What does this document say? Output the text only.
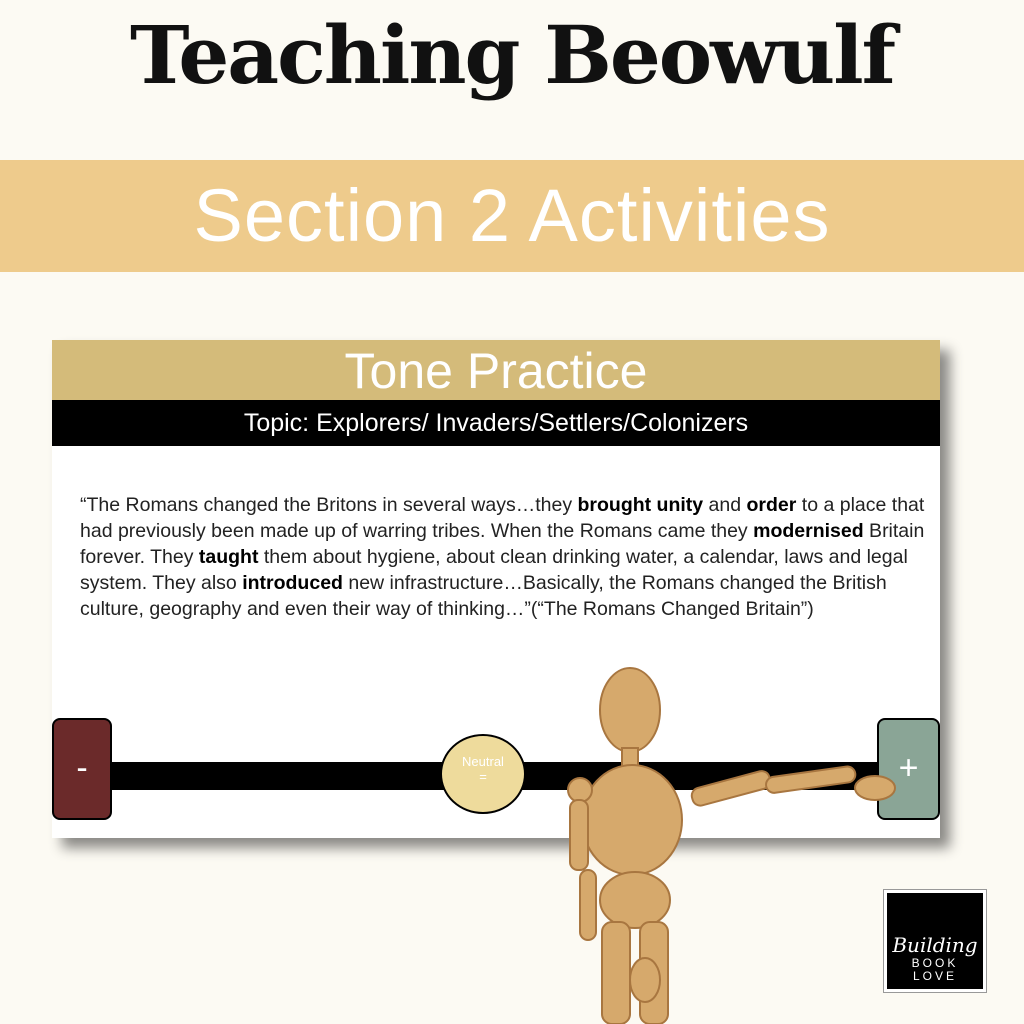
Teaching Beowulf
Section 2 Activities
Tone Practice
Topic: Explorers/ Invaders/Settlers/Colonizers
“The Romans changed the Britons in several ways…they brought unity and order to a place that had previously been made up of warring tribes. When the Romans came they modernised Britain forever. They taught them about hygiene, about clean drinking water, a calendar, laws and legal system. They also introduced new infrastructure…Basically, the Romans changed the British culture, geography and even their way of thinking…”(“The Romans Changed Britain”)
-	+
Neutral
=
Building
BOOK
LOVE
